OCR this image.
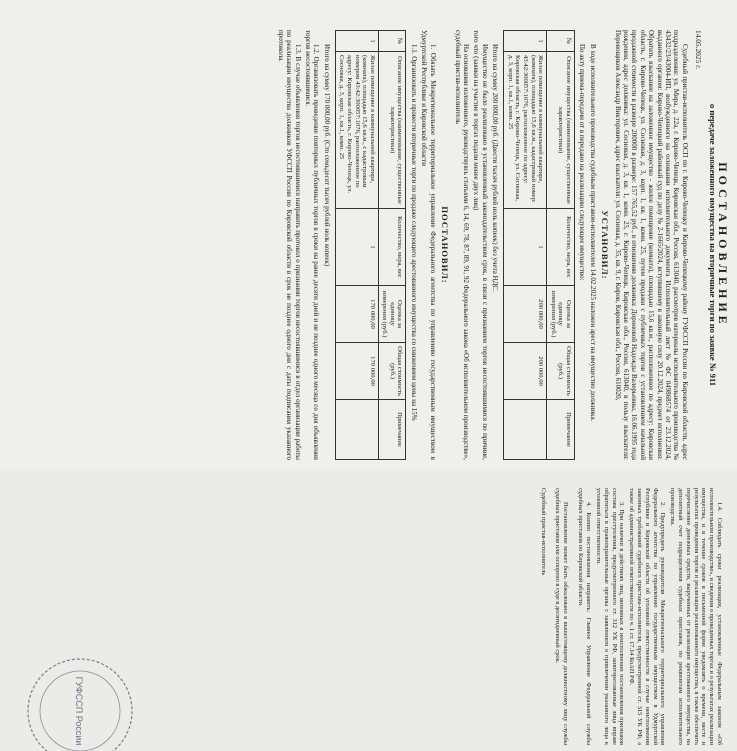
ПОСТАНОВЛЕНИЕ
о передаче заложенного имущества на вторичные торги по заявке № 911
14.05.2025 г.

Судебный пристав-исполнитель ОСП по г. Кирово-Чепецку и Кирово-Чепецкому району ГУФССП России по Кировской области, адрес подразделения: ул. Мира, д. 22а, г. Кирово-Чепецк, Кировская обл., Россия, 613040, рассмотрев материалы исполнительного производства № 43432/23/43004-ИП, возбужденного на основании исполнительного документа Исполнительный лист № ФС 049868574 от 23.12.2024, выданного органом: Кирово-Чепецкий районный суд по делу № 2-1665/2024, вступившему в законную силу 20.12.2024, предмет исполнения: Обратить взыскание на заложенное имущество - жилое помещение (комната), площадью 15,6 кв.м., расположенное по адресу: Кировская область, г. Кирово-Чепецк, ул. Сосновая, д. 3, корп. 1, кв. 1, комн. 25, путем продажи с публичных торгов с установлением начальной продажной стоимости в размере 200000 в размере: 157 765,52 руб., в отношении должника: Дороновой Надежды Валерьевны, 16.06.1995 года рождения, адрес должника: ул. Сосновая, д. 3, кв. 1, комн. 25, г. Кирово-Чепецк, Кировская обл., Россия, 613040, в пользу взыскателя: Перевощиков Александр Викторович, адрес взыскателя: ул. Сосновая, д. 35, кв. 9, г. Киров, Кировская обл., Россия, 610020,

УСТАНОВИЛ:

В ходе исполнительного производства судебным приставом-исполнителем 14.02.2025 наложен арест на имущество должника.

По акту приема-передачи от в передано на реализацию следующее имущество:

№	Описание имущества (наименование, существенные характеристики)	Количество, мера, вес	Оценка за единицу измерения (руб.)	Общая стоимость (руб.)	Примечание
1	Жилое помещение в коммунальной квартире, (комната), площадью 15,6 кв.м., кадастровый номер: 43:42:300057:1076, расположенное по адресу: Кировская область, г. Кирово-Чепецк, ул. Сосновая, д. 3, корп. 1, кв.1, комн. 25	1	200 000,00	200 000,00	

Итого на сумму 200 000,00 руб. (Двести тысяч рублей ноль копеек) без учета НДС.

Имущество не было реализовано в установленный законодательством срок, в связи с признанием торгов несостоявшимися по причине, того что (заявки на участие в торгах подали менее двух лиц)

На основании изложенного, руководствуясь статьями 6, 14, 69, 78, 87, 89, 91, 92 Федерального закона «Об исполнительном производстве», судебный пристав-исполнитель

ПОСТАНОВИЛ:

1. Обязать Межрегиональное территориальное управление Федерального агентства по управлению государственным имуществом в Удмуртской Республике и Кировской области

1.1. Организовать и провести вторичные торги по продаже следующего арестованного имущества со снижением цены на 15%

№	Описание имущества (наименование, существенные характеристики)	Количество, мера, вес	Оценка за единицу измерения (руб.)	Общая стоимость (руб.)	Примечание
1	Жилое помещение в коммунальной квартире, (комната), площадью 15,6 кв.м., с кадастровым номером 43:42:300057:1076, расположенное по адресу: Кировская область, г. Кирово-Чепецк, ул. Сосновая, д. 3, корп. 1, кв.1, комн. 25	1	170 000,00	170 000,00	

Итого на сумму 170 000,00 руб. (Сто семьдесят тысяч рублей ноль копеек)

1.2. Организовать проведение повторных публичных торгов в сроки на ранее десяти дней и не позднее одного месяца со дня объявления торгов несостоявшимися.

1.3. В случае объявления торгов несостоявшимися направить протокол о признании торгов несостоявшимися в отдел организации работы по реализации имущества должников УФССП России по Кировской области в срок не позднее одного дня с даты подписания указанного протокола.

1.4. Соблюдать сроки реализации, установленные Федеральным законом «Об исполнительном производстве», и сведения о проведенных торгах и о результатах реализации имущества, и в течение сроков в письменной форме уведомлять о времени, месте и результатах проведения торгов и реализации реализованного имущества, в также обеспечить перечисление денежных средств, вырученных от реализации арестованного имущества, на депозитный счет подразделения судебных приставов, по реквизитам исполнительного производства.

2. Предупредить руководителя Межрегионального территориального управления Федерального агентства по управлению государственным имуществом в Удмуртской Республике и Кировской области об уголовной ответственности в случае неисполнения законных требований судебного пристава-исполнителя, предусмотренной ст. 315 УК РФ, а также об административной ответственности по ч. 1 ст. 17.14 КоАП РФ.

3. При наличии в действиях лиц, виновных в неисполнении постановления признаков состава преступления, предусмотренного ст. 312 УК РФ, заинтересованные лица вправе обратиться в правоохранительные органы с заявлением о привлечении указанного лица к уголовной ответственности.

4. Копию постановления направить: Главное Управление Федеральной службы судебных приставов по Кировской области.

Постановление может быть обжаловано в вышестоящему должностному лицу службы судебных приставов или оспорено в суде в десятидневный срок.

Судебный пристав-исполнитель

ГУФССП России
